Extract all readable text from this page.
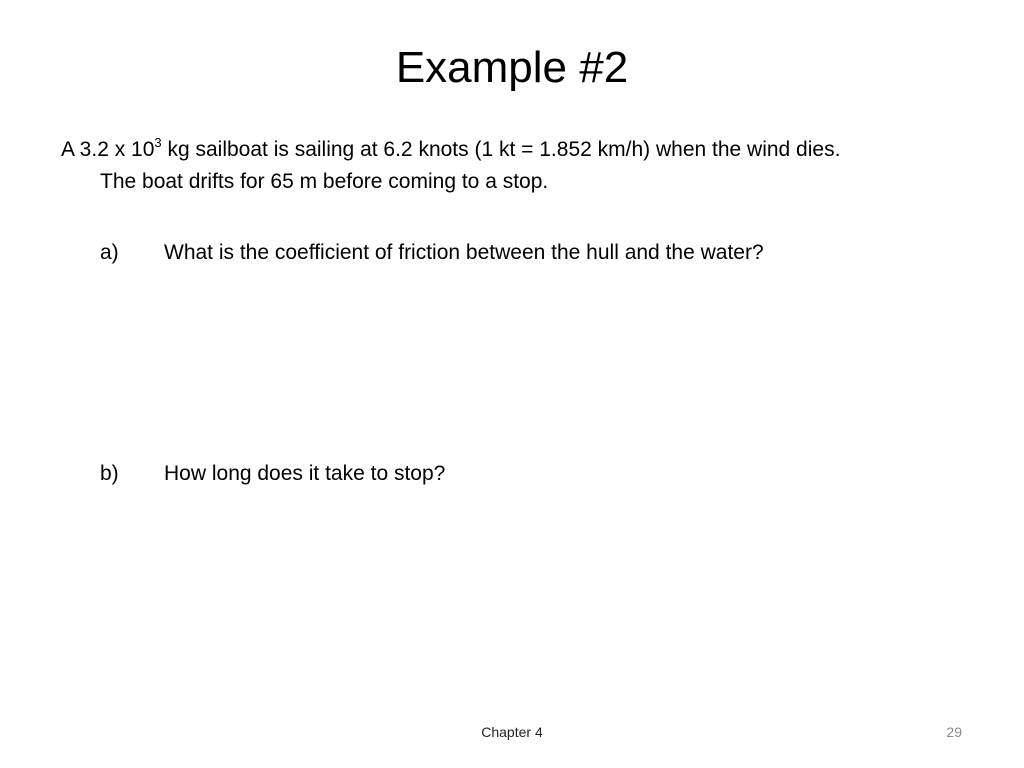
Example #2
A 3.2 x $10^3$ kg sailboat is sailing at 6.2 knots (1 kt = 1.852 km/h) when the wind dies.
The boat drifts for 65 m before coming to a stop.
a) What is the coefficient of friction between the hull and the water?
b) How long does it take to stop?
Chapter 4	29
